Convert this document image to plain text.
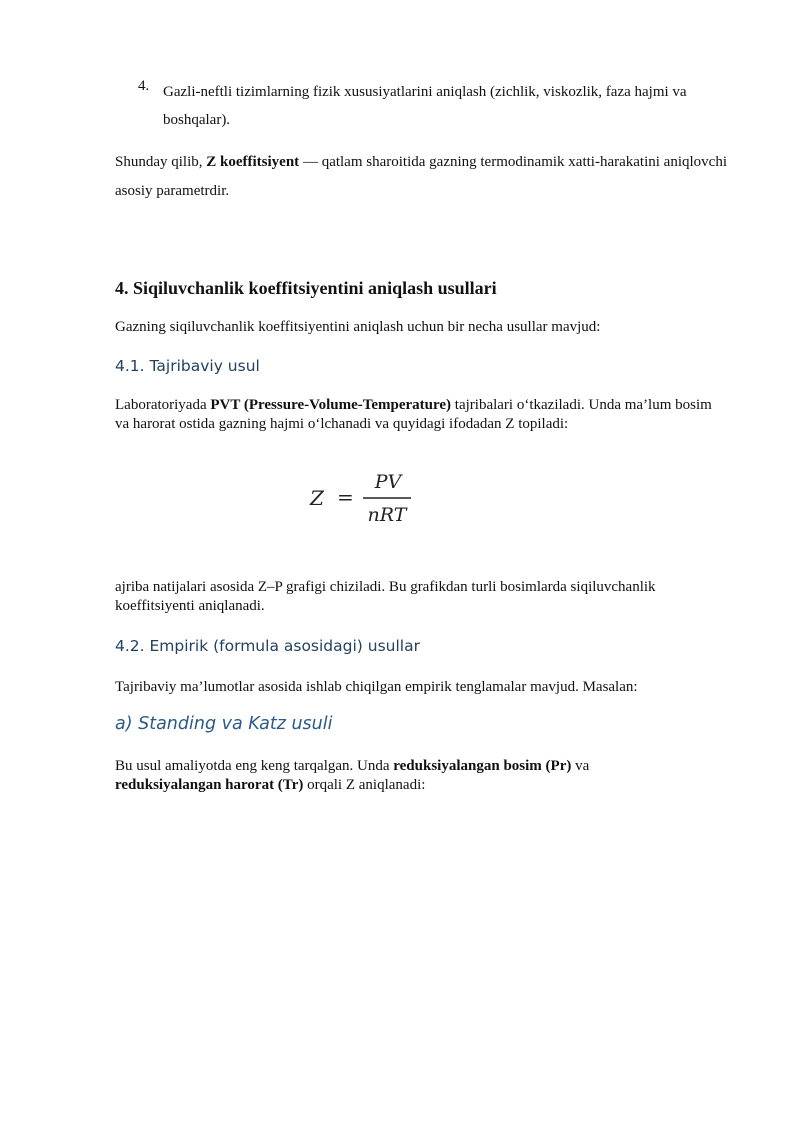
4. Gazli-neftli tizimlarning fizik xususiyatlarini aniqlash (zichlik, viskozlik, faza hajmi va boshqalar).
Shunday qilib, Z koeffitsiyent — qatlam sharoitida gazning termodinamik xatti-harakatini aniqlovchi asosiy parametrdir.
4. Siqiluvchanlik koeffitsiyentini aniqlash usullari
Gazning siqiluvchanlik koeffitsiyentini aniqlash uchun bir necha usullar mavjud:
4.1. Tajribaviy usul
Laboratoriyada PVT (Pressure-Volume-Temperature) tajribalari o‘tkaziladi. Unda ma’lum bosim va harorat ostida gazning hajmi o‘lchanadi va quyidagi ifodadan Z topiladi:
Z =
PV
nRT
ajriba natijalari asosida Z–P grafigi chiziladi. Bu grafikdan turli bosimlarda siqiluvchanlik koeffitsiyenti aniqlanadi.
4.2. Empirik (formula asosidagi) usullar
Tajribaviy ma’lumotlar asosida ishlab chiqilgan empirik tenglamalar mavjud. Masalan:
a) Standing va Katz usuli
Bu usul amaliyotda eng keng tarqalgan. Unda reduksiyalangan bosim (Pr) va
reduksiyalangan harorat (Tr) orqali Z aniqlanadi:
